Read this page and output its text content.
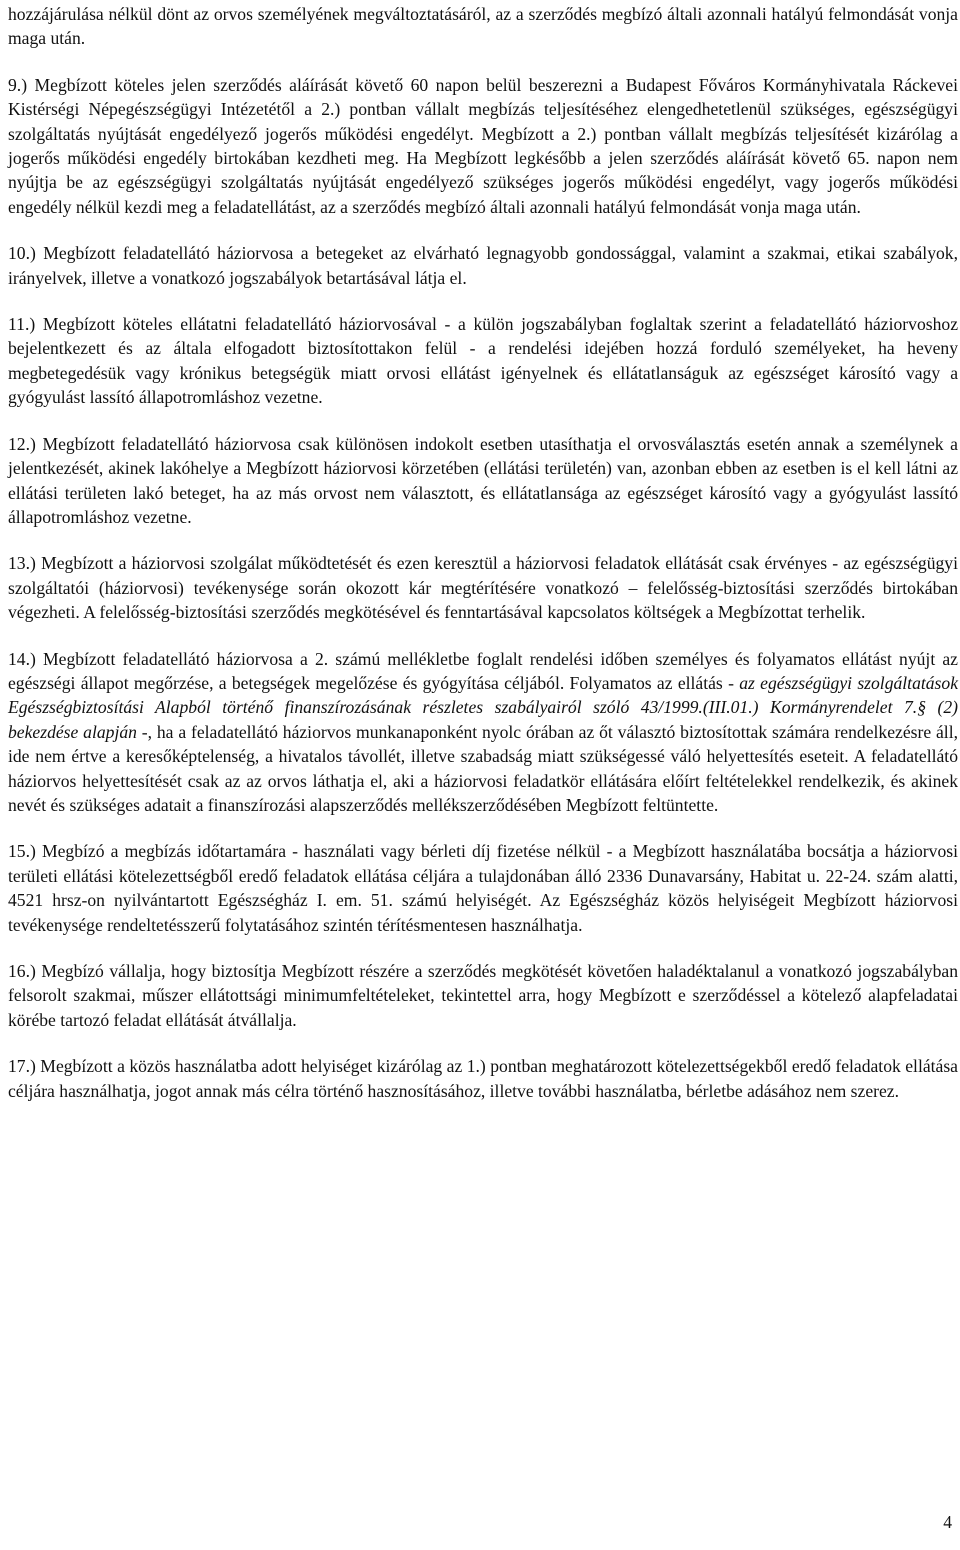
hozzájárulása nélkül dönt az orvos személyének megváltoztatásáról, az a szerződés megbízó általi azonnali hatályú felmondását vonja maga után.

9.) Megbízott köteles jelen szerződés aláírását követő 60 napon belül beszerezni a Budapest Főváros Kormányhivatala Ráckevei Kistérségi Népegészségügyi Intézetétől a 2.) pontban vállalt megbízás teljesítéséhez elengedhetetlenül szükséges, egészségügyi szolgáltatás nyújtását engedélyező jogerős működési engedélyt. Megbízott a 2.) pontban vállalt megbízás teljesítését kizárólag a jogerős működési engedély birtokában kezdheti meg. Ha Megbízott legkésőbb a jelen szerződés aláírását követő 65. napon nem nyújtja be az egészségügyi szolgáltatás nyújtását engedélyező szükséges jogerős működési engedélyt, vagy jogerős működési engedély nélkül kezdi meg a feladatellátást, az a szerződés megbízó általi azonnali hatályú felmondását vonja maga után.

10.) Megbízott feladatellátó háziorvosa a betegeket az elvárható legnagyobb gondossággal, valamint a szakmai, etikai szabályok, irányelvek, illetve a vonatkozó jogszabályok betartásával látja el.

11.) Megbízott köteles ellátatni feladatellátó háziorvosával - a külön jogszabályban foglaltak szerint a feladatellátó háziorvoshoz bejelentkezett és az általa elfogadott biztosítottakon felül - a rendelési idejében hozzá forduló személyeket, ha heveny megbetegedésük vagy krónikus betegségük miatt orvosi ellátást igényelnek és ellátatlanságuk az egészséget károsító vagy a gyógyulást lassító állapotromláshoz vezetne.

12.) Megbízott feladatellátó háziorvosa csak különösen indokolt esetben utasíthatja el orvosválasztás esetén annak a személynek a jelentkezését, akinek lakóhelye a Megbízott háziorvosi körzetében (ellátási területén) van, azonban ebben az esetben is el kell látni az ellátási területen lakó beteget, ha az más orvost nem választott, és ellátatlansága az egészséget károsító vagy a gyógyulást lassító állapotromláshoz vezetne.

13.) Megbízott a háziorvosi szolgálat működtetését és ezen keresztül a háziorvosi feladatok ellátását csak érvényes - az egészségügyi szolgáltatói (háziorvosi) tevékenysége során okozott kár megtérítésére vonatkozó – felelősség-biztosítási szerződés birtokában végezheti. A felelősség-biztosítási szerződés megkötésével és fenntartásával kapcsolatos költségek a Megbízottat terhelik.

14.) Megbízott feladatellátó háziorvosa a 2. számú mellékletbe foglalt rendelési időben személyes és folyamatos ellátást nyújt az egészségi állapot megőrzése, a betegségek megelőzése és gyógyítása céljából. Folyamatos az ellátás - az egészségügyi szolgáltatások Egészségbiztosítási Alapból történő finanszírozásának részletes szabályairól szóló 43/1999.(III.01.) Kormányrendelet 7.§ (2) bekezdése alapján -, ha a feladatellátó háziorvos munkanaponként nyolc órában az őt választó biztosítottak számára rendelkezésre áll, ide nem értve a keresőképtelenség, a hivatalos távollét, illetve szabadság miatt szükségessé váló helyettesítés eseteit. A feladatellátó háziorvos helyettesítését csak az az orvos láthatja el, aki a háziorvosi feladatkör ellátására előírt feltételekkel rendelkezik, és akinek nevét és szükséges adatait a finanszírozási alapszerződés mellékszerződésében Megbízott feltüntette.

15.) Megbízó a megbízás időtartamára - használati vagy bérleti díj fizetése nélkül - a Megbízott használatába bocsátja a háziorvosi területi ellátási kötelezettségből eredő feladatok ellátása céljára a tulajdonában álló 2336 Dunavarsány, Habitat u. 22-24. szám alatti, 4521 hrsz-on nyilvántartott Egészségház I. em. 51. számú helyiségét. Az Egészségház közös helyiségeit Megbízott háziorvosi tevékenysége rendeltetésszerű folytatásához szintén térítésmentesen használhatja.

16.) Megbízó vállalja, hogy biztosítja Megbízott részére a szerződés megkötését követően haladéktalanul a vonatkozó jogszabályban felsorolt szakmai, műszer ellátottsági minimumfeltételeket, tekintettel arra, hogy Megbízott e szerződéssel a kötelező alapfeladatai körébe tartozó feladat ellátását átvállalja.

17.) Megbízott a közös használatba adott helyiséget kizárólag az 1.) pontban meghatározott kötelezettségekből eredő feladatok ellátása céljára használhatja, jogot annak más célra történő hasznosításához, illetve további használatba, bérletbe adásához nem szerez.

4
